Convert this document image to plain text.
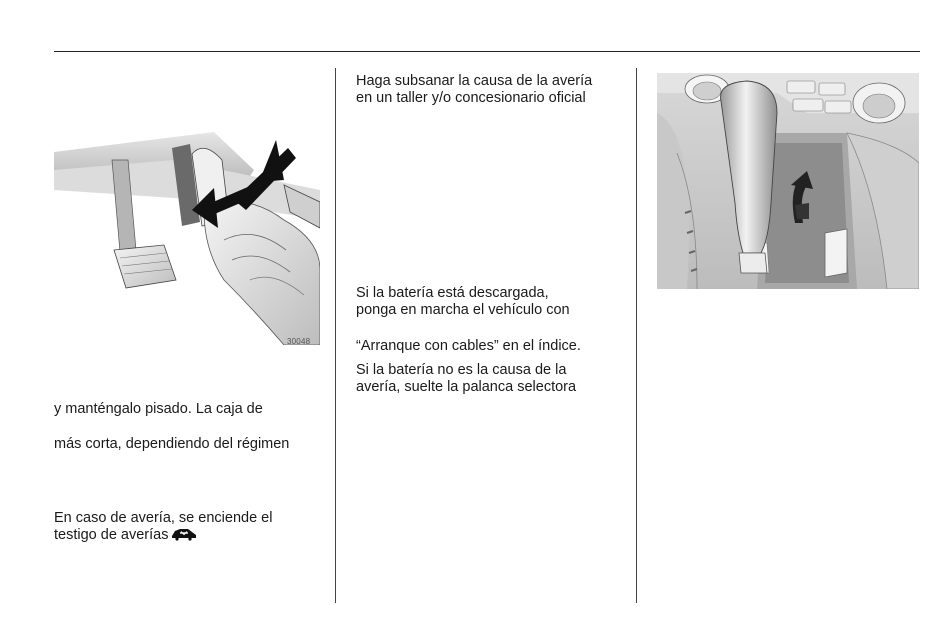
30048

y manténgalo pisado. La caja de

más corta, dependiendo del régimen

En caso de avería, se enciende el

testigo de averías

Haga subsanar la causa de la avería

en un taller y/o concesionario oficial

Si la batería está descargada,

ponga en marcha el vehículo con

“Arranque con cables” en el índice.

Si la batería no es la causa de la

avería, suelte la palanca selectora
